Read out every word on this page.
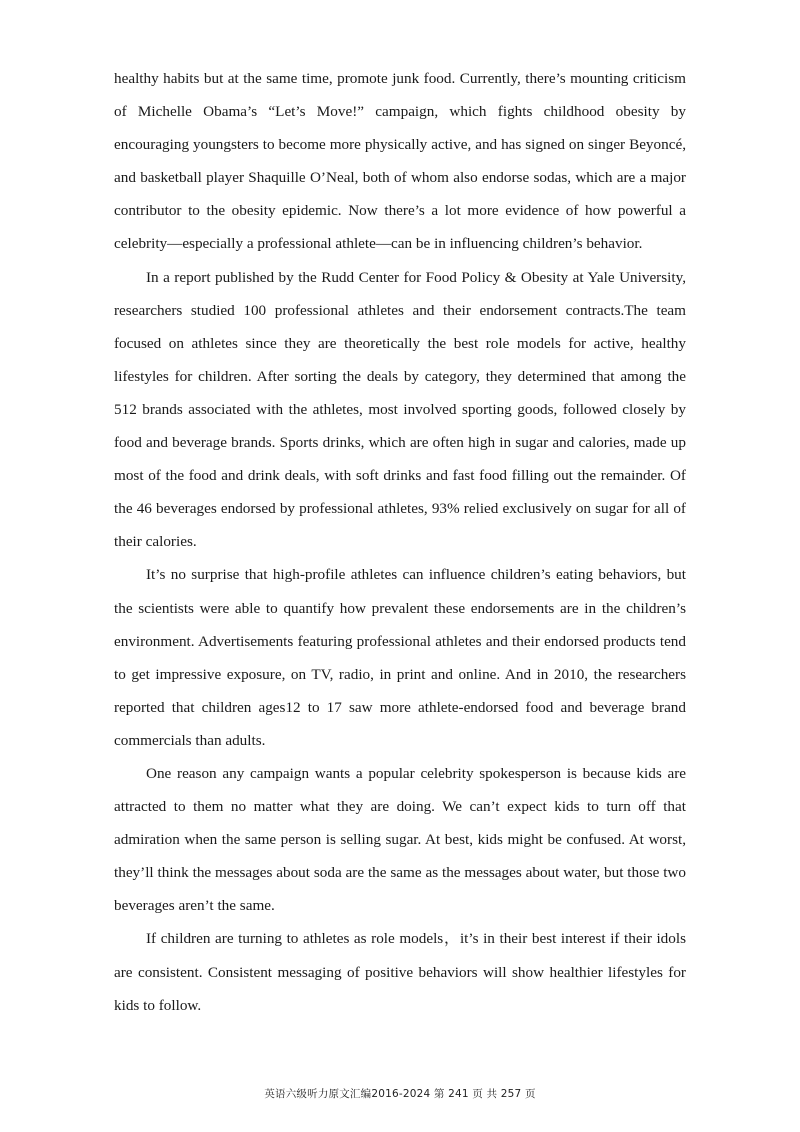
healthy habits but at the same time, promote junk food. Currently, there’s mounting criticism of Michelle Obama’s “Let’s Move!” campaign, which fights childhood obesity by encouraging youngsters to become more physically active, and has signed on singer Beyoncé, and basketball player Shaquille O’Neal, both of whom also endorse sodas, which are a major contributor to the obesity epidemic. Now there’s a lot more evidence of how powerful a celebrity—especially a professional athlete—can be in influencing children’s behavior.

In a report published by the Rudd Center for Food Policy & Obesity at Yale University, researchers studied 100 professional athletes and their endorsement contracts.The team focused on athletes since they are theoretically the best role models for active, healthy lifestyles for children. After sorting the deals by category, they determined that among the 512 brands associated with the athletes, most involved sporting goods, followed closely by food and beverage brands. Sports drinks, which are often high in sugar and calories, made up most of the food and drink deals, with soft drinks and fast food filling out the remainder. Of the 46 beverages endorsed by professional athletes, 93% relied exclusively on sugar for all of their calories.

It’s no surprise that high-profile athletes can influence children’s eating behaviors, but the scientists were able to quantify how prevalent these endorsements are in the children’s environment. Advertisements featuring professional athletes and their endorsed products tend to get impressive exposure, on TV, radio, in print and online. And in 2010, the researchers reported that children ages12 to 17 saw more athlete-endorsed food and beverage brand commercials than adults.

One reason any campaign wants a popular celebrity spokesperson is because kids are attracted to them no matter what they are doing. We can’t expect kids to turn off that admiration when the same person is selling sugar. At best, kids might be confused. At worst, they’ll think the messages about soda are the same as the messages about water, but those two beverages aren’t the same.

If children are turning to athletes as role models，it’s in their best interest if their idols are consistent. Consistent messaging of positive behaviors will show healthier lifestyles for kids to follow.

英语六级听力原文汇编2016-2024 第 241 页 共 257 页
